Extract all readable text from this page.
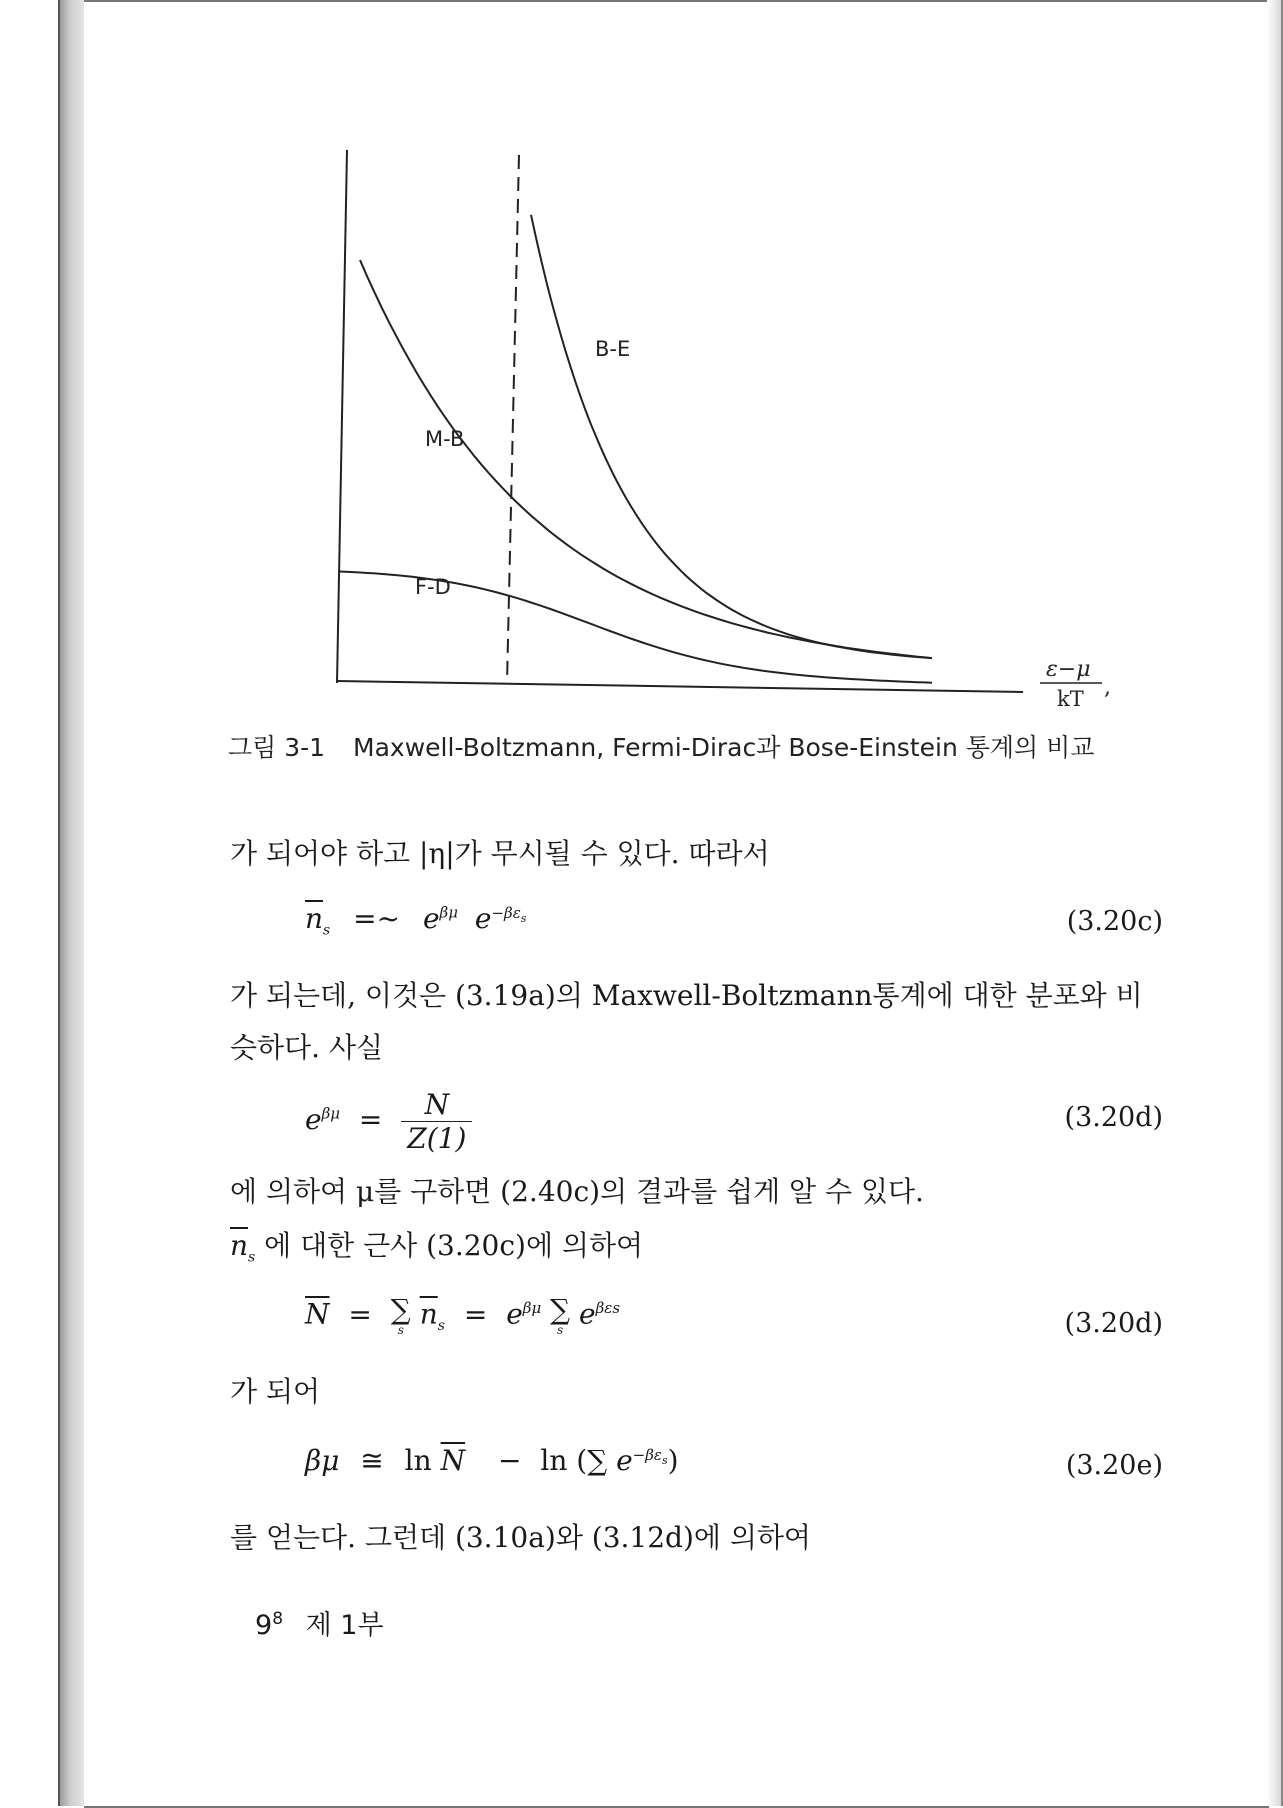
B-E
M-B
F-D
ε−μ
kT ,
그림 3-1 Maxwell-Boltzmann, Fermi-Dirac과 Bose-Einstein 통계의 비교
가 되어야 하고 |η|가 무시될 수 있다. 따라서
$\overline{n}_s$ =~ $e^{\beta\mu}$ $e^{-\beta\varepsilon_s}$	(3.20c)
가 되는데, 이것은 (3.19a)의 Maxwell-Boltzmann통계에 대한 분포와 비
슷하다. 사실
$e^{\beta\mu} = \frac{N}{Z(1)}$	(3.20d)
에 의하여 μ를 구하면 (2.40c)의 결과를 쉽게 알 수 있다.
$\overline{n}_s$ 에 대한 근사 (3.20c)에 의하여
$\overline{N}$ = ∑
s $\overline{n}_s = e^{\beta\mu}$ ∑
s $e^{\beta\varepsilon s}$	(3.20d)
가 되어
βμ ≅ $\ln \overline{N} - \ln$ (∑ $e^{-\beta\varepsilon_s}$)	(3.20e)
를 얻는다. 그런데 (3.10a)와 (3.12d)에 의하여
$9^8$ 제 1부
